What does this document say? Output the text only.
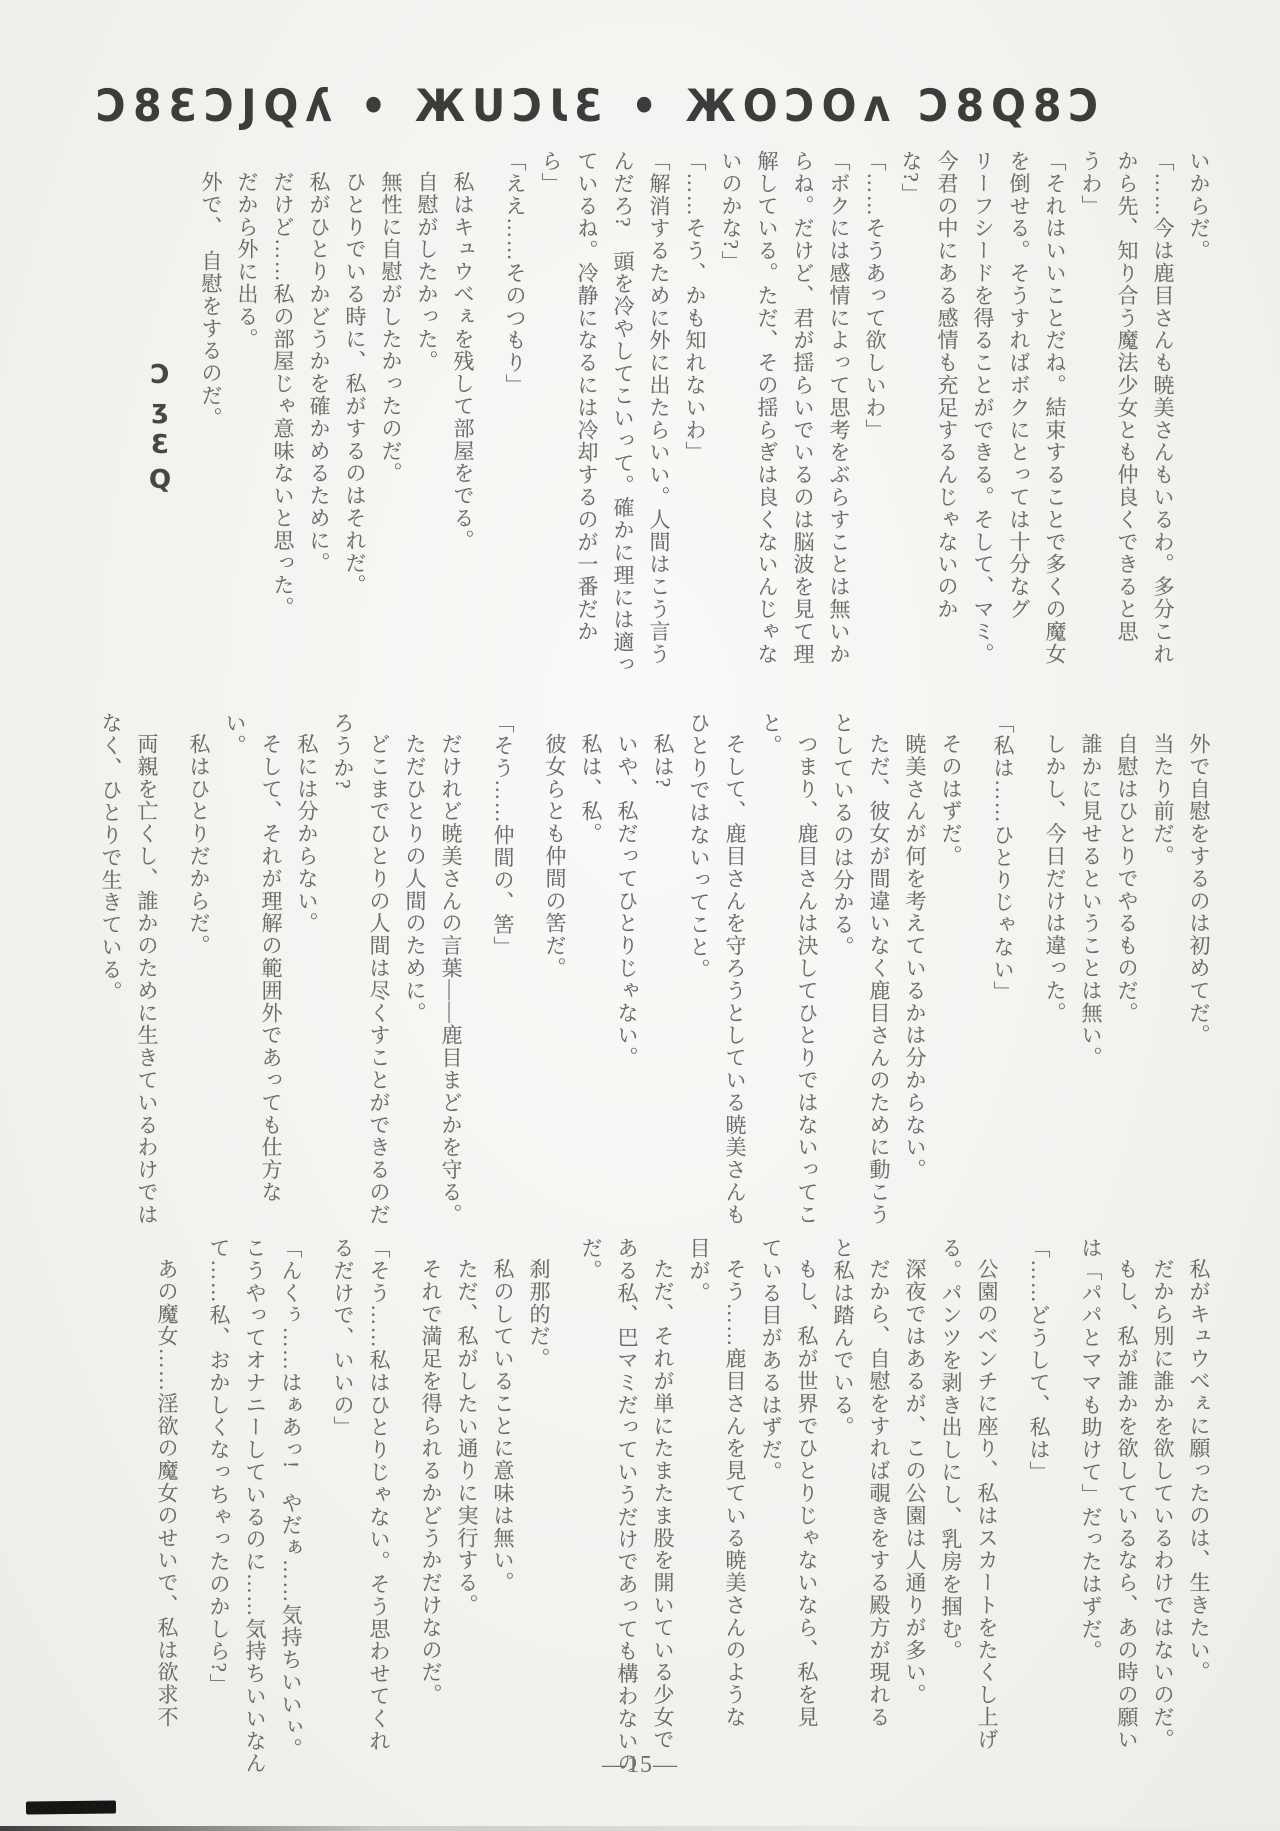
Ɔ8ƐƆJQʎ • ЖUƆƖƐ • ЖOƆOʌ Ɔ8Q8Ɔ
いからだ。
「……今は鹿目さんも暁美さんもいるわ。多分これ
から先、知り合う魔法少女とも仲良くできると思
うわ」
「それはいいことだね。結束することで多くの魔女
を倒せる。そうすればボクにとっては十分なグ
リーフシードを得ることができる。そして、マミ。
今君の中にある感情も充足するんじゃないのか
な?」
「……そうあって欲しいわ」
「ボクには感情によって思考をぶらすことは無いか
らね。だけど、君が揺らいでいるのは脳波を見て理
解している。ただ、その揺らぎは良くないんじゃな
いのかな?」
「……そう、かも知れないわ」
「解消するために外に出たらいい。人間はこう言う
んだろ?　頭を冷やしてこいって。確かに理には適っ
ているね。冷静になるには冷却するのが一番だか
ら」
「ええ……そのつもり」
私はキュウべぇを残して部屋をでる。
自慰がしたかった。
無性に自慰がしたかったのだ。
ひとりでいる時に、私がするのはそれだ。
私がひとりかどうかを確かめるために。
だけど……私の部屋じゃ意味ないと思った。
だから外に出る。
外で、　自慰をするのだ。
ƆʒƐQ
外で自慰をするのは初めてだ。
当たり前だ。
自慰はひとりでやるものだ。
誰かに見せるということは無い。
しかし、今日だけは違った。
「私は……ひとりじゃない」
そのはずだ。
暁美さんが何を考えているかは分からない。
ただ、彼女が間違いなく鹿目さんのために動こう
としているのは分かる。
つまり、鹿目さんは決してひとりではないってこ
と。
そして、鹿目さんを守ろうとしている暁美さんも
ひとりではないってこと。
私は?
いや、私だってひとりじゃない。
私は、私。
彼女らとも仲間の筈だ。
「そう……仲間の、筈」
だけれど暁美さんの言葉――鹿目まどかを守る。
ただひとりの人間のために。
どこまでひとりの人間は尽くすことができるのだ
ろうか?
私には分からない。
そして、それが理解の範囲外であっても仕方な
い。
私はひとりだからだ。
両親を亡くし、誰かのために生きているわけでは
なく、ひとりで生きている。
私がキュウべぇに願ったのは、生きたい。
だから別に誰かを欲しているわけではないのだ。
もし、私が誰かを欲しているなら、あの時の願い
は「パパとママも助けて」だったはずだ。
「……どうして、私は」
公園のベンチに座り、私はスカートをたくし上げ
る。パンツを剥き出しにし、乳房を掴む。
深夜ではあるが、この公園は人通りが多い。
だから、自慰をすれば覗きをする殿方が現れる
と私は踏んでいる。
もし、私が世界でひとりじゃないなら、私を見
ている目があるはずだ。
そう……鹿目さんを見ている暁美さんのような
目が。
ただ、それが単にたまたま股を開いている少女で
ある私、巴マミだっていうだけであっても構わないの
だ。
刹那的だ。
私のしていることに意味は無い。
ただ、私がしたい通りに実行する。
それで満足を得られるかどうかだけなのだ。
「そう……私はひとりじゃない。そう思わせてくれ
るだけで、いいの」
「んくぅ……はぁあっ!　やだぁ……気持ちいいぃ。
こうやってオナニーしているのに……気持ちいいなん
て……私、おかしくなっちゃったのかしら?」
あの魔女……淫欲の魔女のせいで、私は欲求不
—15—
